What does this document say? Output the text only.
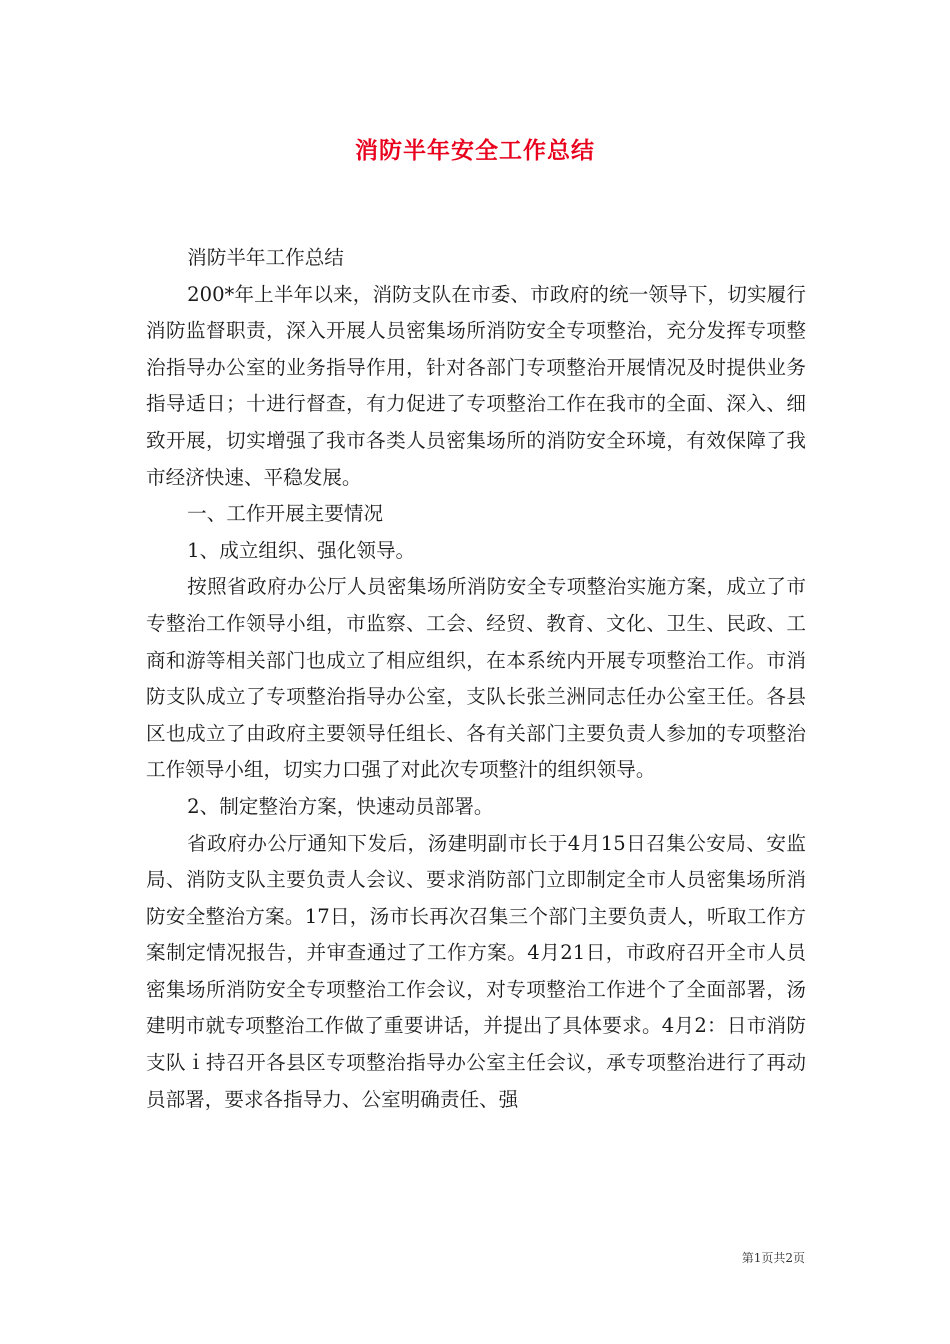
消防半年安全工作总结

消防半年工作总结

200*年上半年以来，消防支队在市委、市政府的统一领导下，切实履行消防监督职责，深入开展人员密集场所消防安全专项整治，充分发挥专项整治指导办公室的业务指导作用，针对各部门专项整治开展情况及时提供业务指导适日；十进行督查，有力促进了专项整治工作在我市的全面、深入、细致开展，切实增强了我市各类人员密集场所的消防安全环境，有效保障了我市经济快速、平稳发展。

一、工作开展主要情况

1、成立组织、强化领导。

按照省政府办公厅人员密集场所消防安全专项整治实施方案，成立了市专整治工作领导小组，市监察、工会、经贸、教育、文化、卫生、民政、工商和游等相关部门也成立了相应组织，在本系统内开展专项整治工作。市消防支队成立了专项整治指导办公室，支队长张兰洲同志任办公室王任。各县区也成立了由政府主要领导任组长、各有关部门主要负责人参加的专项整治工作领导小组，切实力口强了对此次专项整汁的组织领导。

2、制定整治方案，快速动员部署。

省政府办公厅通知下发后，汤建明副市长于4月15日召集公安局、安监局、消防支队主要负责人会议、要求消防部门立即制定全市人员密集场所消防安全整治方案。17日，汤市长再次召集三个部门主要负责人，听取工作方案制定情况报告，并审查通过了工作方案。4月21日，市政府召开全市人员密集场所消防安全专项整治工作会议，对专项整治工作进个了全面部署，汤建明市就专项整治工作做了重要讲话，并提出了具体要求。4月2：日市消防支队ｉ持召开各县区专项整治指导办公室主任会议，承专项整治进行了再动员部署，要求各指导力、公室明确责任、强

第1页共2页
